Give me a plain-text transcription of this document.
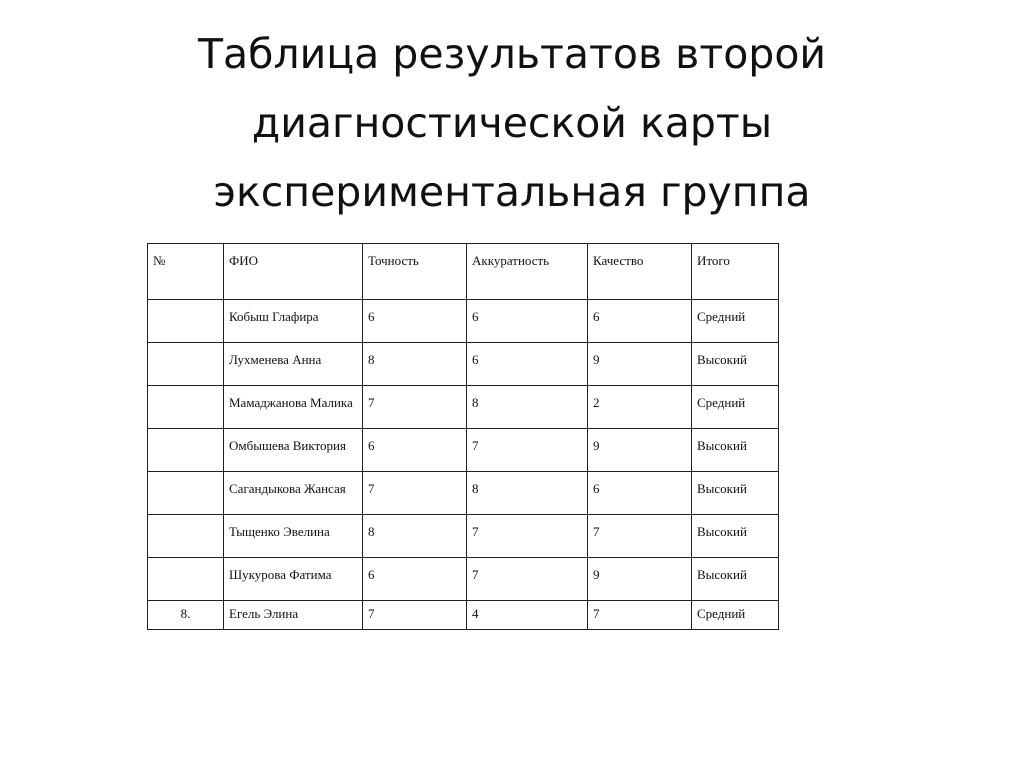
Таблица результатов второй
диагностической карты
экспериментальная группа
№	ФИО	Точность	Аккуратность	Качество	Итого
	Кобыш Глафира	6	6	6	Средний
	Лухменева Анна	8	6	9	Высокий
	Мамаджанова Малика	7	8	2	Средний
	Омбышева Виктория	6	7	9	Высокий
	Сагандыкова Жансая	7	8	6	Высокий
	Тыщенко Эвелина	8	7	7	Высокий
	Шукурова Фатима	6	7	9	Высокий
8.	Егель Элина	7	4	7	Средний
